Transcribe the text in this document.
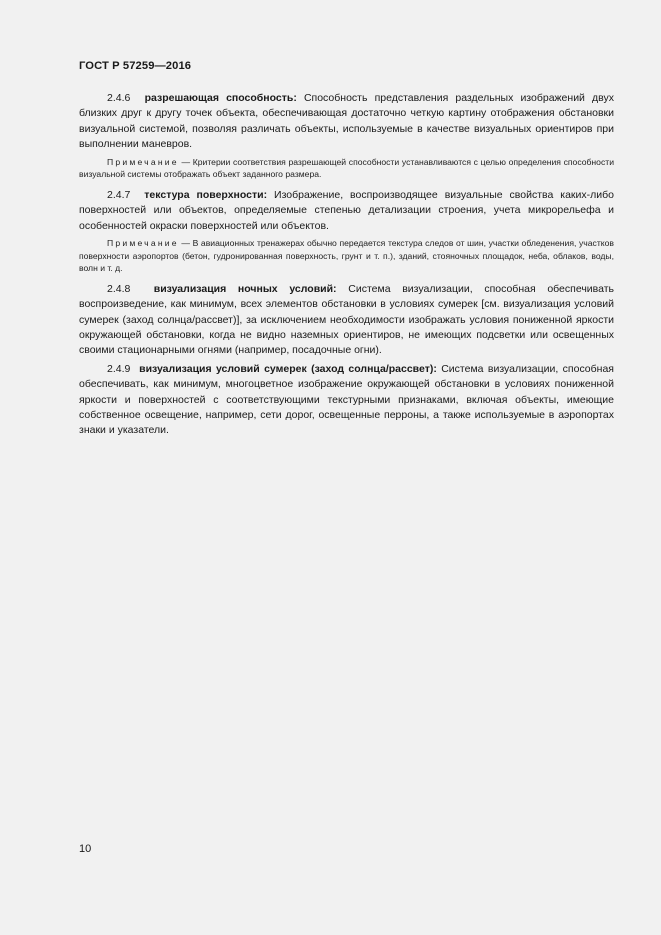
ГОСТ Р 57259—2016

2.4.6 разрешающая способность: Способность представления раздельных изображений двух близких друг к другу точек объекта, обеспечивающая достаточно четкую картину отображения обстановки визуальной системой, позволяя различать объекты, используемые в качестве визуальных ориентиров при выполнении маневров.

Примечание — Критерии соответствия разрешающей способности устанавливаются с целью определения способности визуальной системы отображать объект заданного размера.

2.4.7 текстура поверхности: Изображение, воспроизводящее визуальные свойства каких-либо поверхностей или объектов, определяемые степенью детализации строения, учета микрорельефа и особенностей окраски поверхностей или объектов.

Примечание — В авиационных тренажерах обычно передается текстура следов от шин, участки обледенения, участков поверхности аэропортов (бетон, гудронированная поверхность, грунт и т. п.), зданий, стояночных площадок, неба, облаков, воды, волн и т. д.

2.4.8 визуализация ночных условий: Система визуализации, способная обеспечивать воспроизведение, как минимум, всех элементов обстановки в условиях сумерек [см. визуализация условий сумерек (заход солнца/рассвет)], за исключением необходимости изображать условия пониженной яркости окружающей обстановки, когда не видно наземных ориентиров, не имеющих подсветки или освещенных своими стационарными огнями (например, посадочные огни).

2.4.9 визуализация условий сумерек (заход солнца/рассвет): Система визуализации, способная обеспечивать, как минимум, многоцветное изображение окружающей обстановки в условиях пониженной яркости и поверхностей с соответствующими текстурными признаками, включая объекты, имеющие собственное освещение, например, сети дорог, освещенные перроны, а также используемые в аэропортах знаки и указатели.

10
